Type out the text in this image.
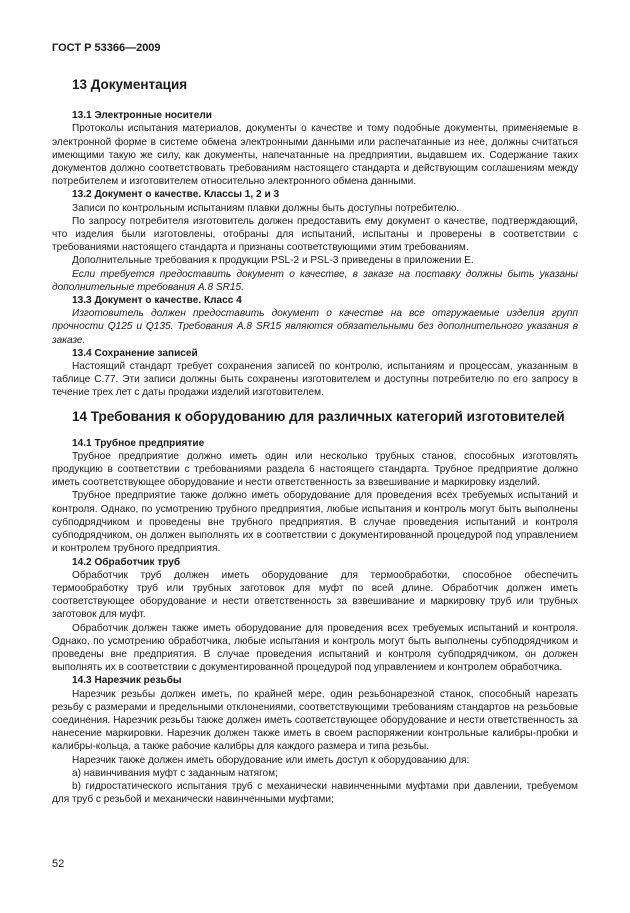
ГОСТ Р 53366—2009
13 Документация
13.1 Электронные носители

Протоколы испытания материалов, документы о качестве и тому подобные документы, применяемые в электронной форме в системе обмена электронными данными или распечатанные из нее, должны считаться имеющими такую же силу, как документы, напечатанные на предприятии, выдавшем их. Содержание таких документов должно соответствовать требованиям настоящего стандарта и действующим соглашениям между потребителем и изготовителем относительно электронного обмена данными.

13.2 Документ о качестве. Классы 1, 2 и 3

Записи по контрольным испытаниям плавки должны быть доступны потребителю.

По запросу потребителя изготовитель должен предоставить ему документ о качестве, подтверждающий, что изделия были изготовлены, отобраны для испытаний, испытаны и проверены в соответствии с требованиями настоящего стандарта и признаны соответствующими этим требованиям.

Дополнительные требования к продукции PSL-2 и PSL-3 приведены в приложении Е.

Если требуется предоставить документ о качестве, в заказе на поставку должны быть указаны дополнительные требования А.8 SR15.

13.3 Документ о качестве. Класс 4

Изготовитель должен предоставить документ о качестве на все отгружаемые изделия групп прочности Q125 и Q135. Требования А.8 SR15 являются обязательными без дополнительного указания в заказе.

13.4 Сохранение записей

Настоящий стандарт требует сохранения записей по контролю, испытаниям и процессам, указанным в таблице С.77. Эти записи должны быть сохранены изготовителем и доступны потребителю по его запросу в течение трех лет с даты продажи изделий изготовителем.

14 Требования к оборудованию для различных категорий изготовителей
14.1 Трубное предприятие

Трубное предприятие должно иметь один или несколько трубных станов, способных изготовлять продукцию в соответствии с требованиями раздела 6 настоящего стандарта. Трубное предприятие должно иметь соответствующее оборудование и нести ответственность за взвешивание и маркировку изделий.

Трубное предприятие также должно иметь оборудование для проведения всех требуемых испытаний и контроля. Однако, по усмотрению трубного предприятия, любые испытания и контроль могут быть выполнены субподрядчиком и проведены вне трубного предприятия. В случае проведения испытаний и контроля субподрядчиком, он должен выполнять их в соответствии с документированной процедурой под управлением и контролем трубного предприятия.

14.2 Обработчик труб

Обработчик труб должен иметь оборудование для термообработки, способное обеспечить термообработку труб или трубных заготовок для муфт по всей длине. Обработчик должен иметь соответствующее оборудование и нести ответственность за взвешивание и маркировку труб или трубных заготовок для муфт.

Обработчик должен также иметь оборудование для проведения всех требуемых испытаний и контроля. Однако, по усмотрению обработчика, любые испытания и контроль могут быть выполнены субподрядчиком и проведены вне предприятия. В случае проведения испытаний и контроля субподрядчиком, он должен выполнять их в соответствии с документированной процедурой под управлением и контролем обработчика.

14.3 Нарезчик резьбы

Нарезчик резьбы должен иметь, по крайней мере, один резьбонарезной станок, способный нарезать резьбу с размерами и предельными отклонениями, соответствующими требованиям стандартов на резьбовые соединения. Нарезчик резьбы также должен иметь соответствующее оборудование и нести ответственность за нанесение маркировки. Нарезчик должен также иметь в своем распоряжении контрольные калибры-пробки и калибры-кольца, а также рабочие калибры для каждого размера и типа резьбы.

Нарезчик также должен иметь оборудование или иметь доступ к оборудованию для:

а) навинчивания муфт с заданным натягом;

b) гидростатического испытания труб с механически навинченными муфтами при давлении, требуемом для труб с резьбой и механически навинченными муфтами;

52
